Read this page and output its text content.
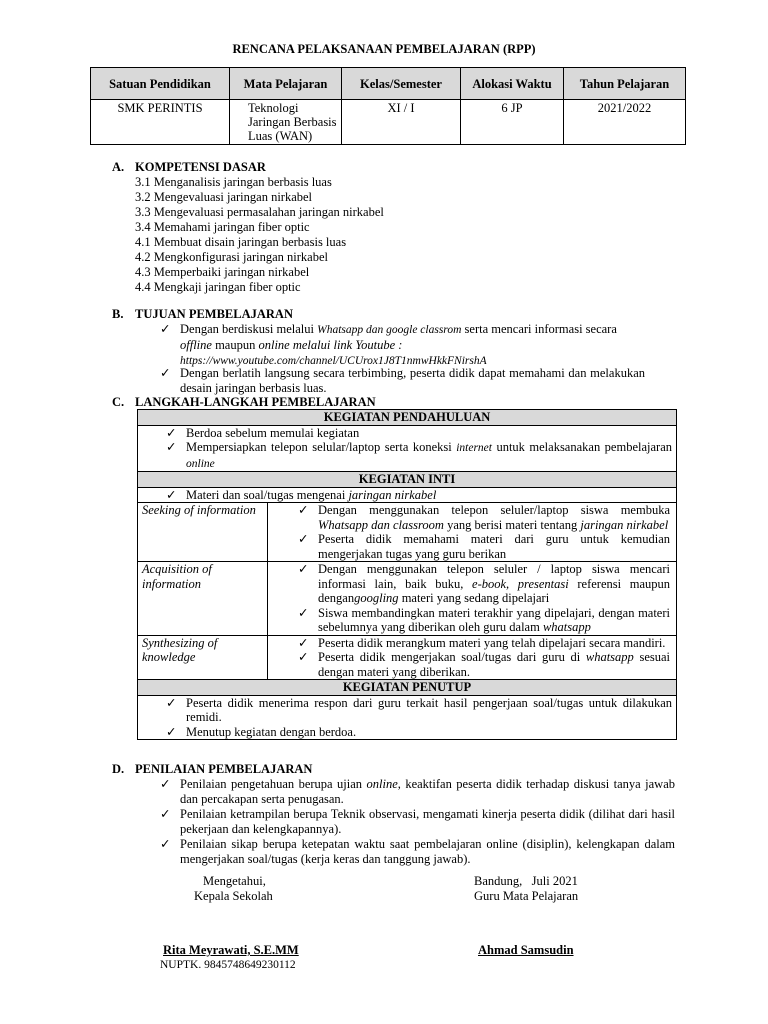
RENCANA PELAKSANAAN PEMBELAJARAN (RPP)
Satuan Pendidikan	Mata Pelajaran	Kelas/Semester	Alokasi Waktu	Tahun Pelajaran
SMK PERINTIS	Teknologi Jaringan Berbasis Luas (WAN)	XI / I	6 JP	2021/2022
A. KOMPETENSI DASAR
3.1 Menganalisis jaringan berbasis luas
3.2 Mengevaluasi jaringan nirkabel
3.3 Mengevaluasi permasalahan jaringan nirkabel
3.4 Memahami jaringan fiber optic
4.1 Membuat disain jaringan berbasis luas
4.2 Mengkonfigurasi jaringan nirkabel
4.3 Memperbaiki jaringan nirkabel
4.4 Mengkaji jaringan fiber optic
B. TUJUAN PEMBELAJARAN
✓ Dengan berdiskusi melalui Whatsapp dan google classrom serta mencari informasi secara
offline maupun online melalui link Youtube :
https://www.youtube.com/channel/UCUrox1J8T1nmwHkkFNirshA
✓ Dengan berlatih langsung secara terbimbing, peserta didik dapat memahami dan melakukan desain jaringan berbasis luas.
C. LANGKAH-LANGKAH PEMBELAJARAN
KEGIATAN PENDAHULUAN	

✓ Berdoa sebelum memulai kegiatan
✓ Mempersiapkan telepon selular/laptop serta koneksi internet untuk melaksanakan pembelajaran online	

KEGIATAN INTI	

✓ Materi dan soal/tugas mengenai jaringan nirkabel	

Seeking of information	✓ Dengan menggunakan telepon seluler/laptop siswa membuka Whatsapp dan classroom yang berisi materi tentang jaringan nirkabel
✓ Peserta didik memahami materi dari guru untuk kemudian mengerjakan tugas yang guru berikan

Acquisition of information	✓ Dengan menggunakan telepon seluler / laptop siswa mencari informasi lain, baik buku, e-book, presentasi referensi maupun dengangoogling materi yang sedang dipelajari
✓ Siswa membandingkan materi terakhir yang dipelajari, dengan materi sebelumnya yang diberikan oleh guru dalam whatsapp

Synthesizing of knowledge	✓ Peserta didik merangkum materi yang telah dipelajari secara mandiri.
✓ Peserta didik mengerjakan soal/tugas dari guru di whatsapp sesuai dengan materi yang diberikan.

KEGIATAN PENUTUP	

✓ Peserta didik menerima respon dari guru terkait hasil pengerjaan soal/tugas untuk dilakukan remidi.
✓ Menutup kegiatan dengan berdoa.	
D. PENILAIAN PEMBELAJARAN
✓ Penilaian pengetahuan berupa ujian online, keaktifan peserta didik terhadap diskusi tanya jawab dan percakapan serta penugasan.
✓ Penilaian ketrampilan berupa Teknik observasi, mengamati kinerja peserta didik (dilihat dari hasil pekerjaan dan kelengkapannya).
✓ Penilaian sikap berupa ketepatan waktu saat pembelajaran online (disiplin), kelengkapan dalam mengerjakan soal/tugas (kerja keras dan tanggung jawab).
Mengetahui,
Kepala Sekolah
Bandung,   Juli 2021
Guru Mata Pelajaran
Rita Meyrawati, S.E.MM
NUPTK. 9845748649230112
Ahmad Samsudin
